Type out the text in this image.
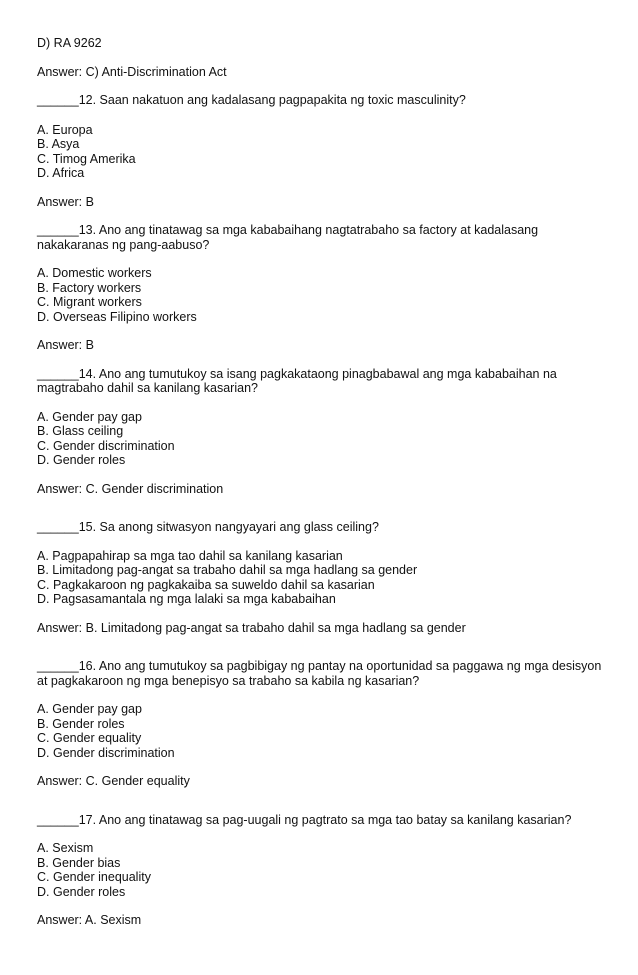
D) RA 9262
Answer: C) Anti-Discrimination Act
______12. Saan nakatuon ang kadalasang pagpapakita ng toxic masculinity?
A. Europa
B. Asya
C. Timog Amerika
D. Africa
Answer: B
______13. Ano ang tinatawag sa mga kababaihang nagtatrabaho sa factory at kadalasang nakakaranas ng pang-aabuso?
A. Domestic workers
B. Factory workers
C. Migrant workers
D. Overseas Filipino workers
Answer: B
______14. Ano ang tumutukoy sa isang pagkakataong pinagbabawal ang mga kababaihan na magtrabaho dahil sa kanilang kasarian?
A. Gender pay gap
B. Glass ceiling
C. Gender discrimination
D. Gender roles
Answer: C. Gender discrimination
______15. Sa anong sitwasyon nangyayari ang glass ceiling?
A. Pagpapahirap sa mga tao dahil sa kanilang kasarian
B. Limitadong pag-angat sa trabaho dahil sa mga hadlang sa gender
C. Pagkakaroon ng pagkakaiba sa suweldo dahil sa kasarian
D. Pagsasamantala ng mga lalaki sa mga kababaihan
Answer: B. Limitadong pag-angat sa trabaho dahil sa mga hadlang sa gender
______16. Ano ang tumutukoy sa pagbibigay ng pantay na oportunidad sa paggawa ng mga desisyon at pagkakaroon ng mga benepisyo sa trabaho sa kabila ng kasarian?
A. Gender pay gap
B. Gender roles
C. Gender equality
D. Gender discrimination
Answer: C. Gender equality
______17. Ano ang tinatawag sa pag-uugali ng pagtrato sa mga tao batay sa kanilang kasarian?
A. Sexism
B. Gender bias
C. Gender inequality
D. Gender roles
Answer: A. Sexism
